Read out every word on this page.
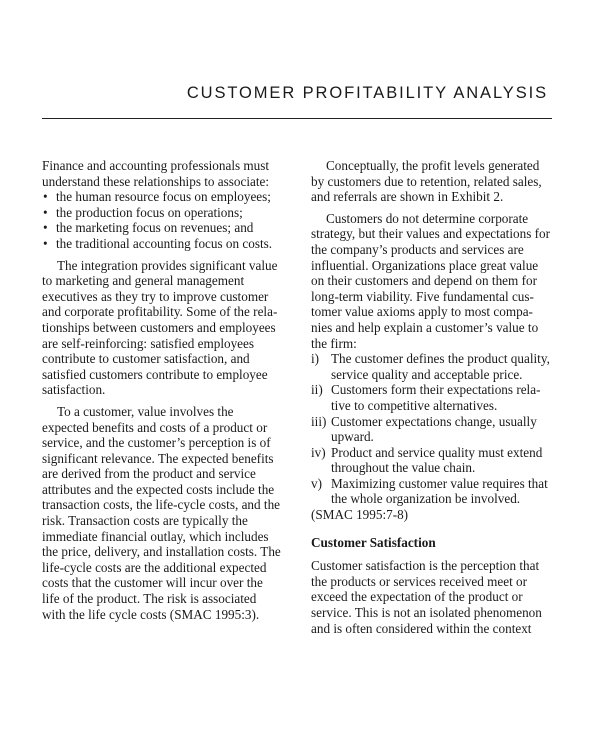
CUSTOMER PROFITABILITY ANALYSIS

Finance and accounting professionals must understand these relationships to associate:

• the human resource focus on employees;
• the production focus on operations;
• the marketing focus on revenues; and
• the traditional accounting focus on costs.

The integration provides significant value to marketing and general management executives as they try to improve customer and corporate profitability. Some of the rela-tionships between customers and employees are self-reinforcing: satisfied employees contribute to customer satisfaction, and satisfied customers contribute to employee satisfaction.

To a customer, value involves the expected benefits and costs of a product or service, and the customer’s perception is of significant relevance. The expected benefits are derived from the product and service attributes and the expected costs include the transaction costs, the life-cycle costs, and the risk. Transaction costs are typically the immediate financial outlay, which includes the price, delivery, and installation costs. The life-cycle costs are the additional expected costs that the customer will incur over the life of the product. The risk is associated with the life cycle costs (SMAC 1995:3).

Conceptually, the profit levels generated by customers due to retention, related sales, and referrals are shown in Exhibit 2.

Customers do not determine corporate strategy, but their values and expectations for the company’s products and services are influential. Organizations place great value on their customers and depend on them for long-term viability. Five fundamental cus-tomer value axioms apply to most compa-nies and help explain a customer’s value to the firm:

i) The customer defines the product quality, service quality and acceptable price.
ii) Customers form their expectations rela-tive to competitive alternatives.
iii) Customer expectations change, usually upward.
iv) Product and service quality must extend throughout the value chain.
v) Maximizing customer value requires that the whole organization be involved.
(SMAC 1995:7-8)
Customer Satisfaction

Customer satisfaction is the perception that the products or services received meet or exceed the expectation of the product or service. This is not an isolated phenomenon and is often considered within the context
